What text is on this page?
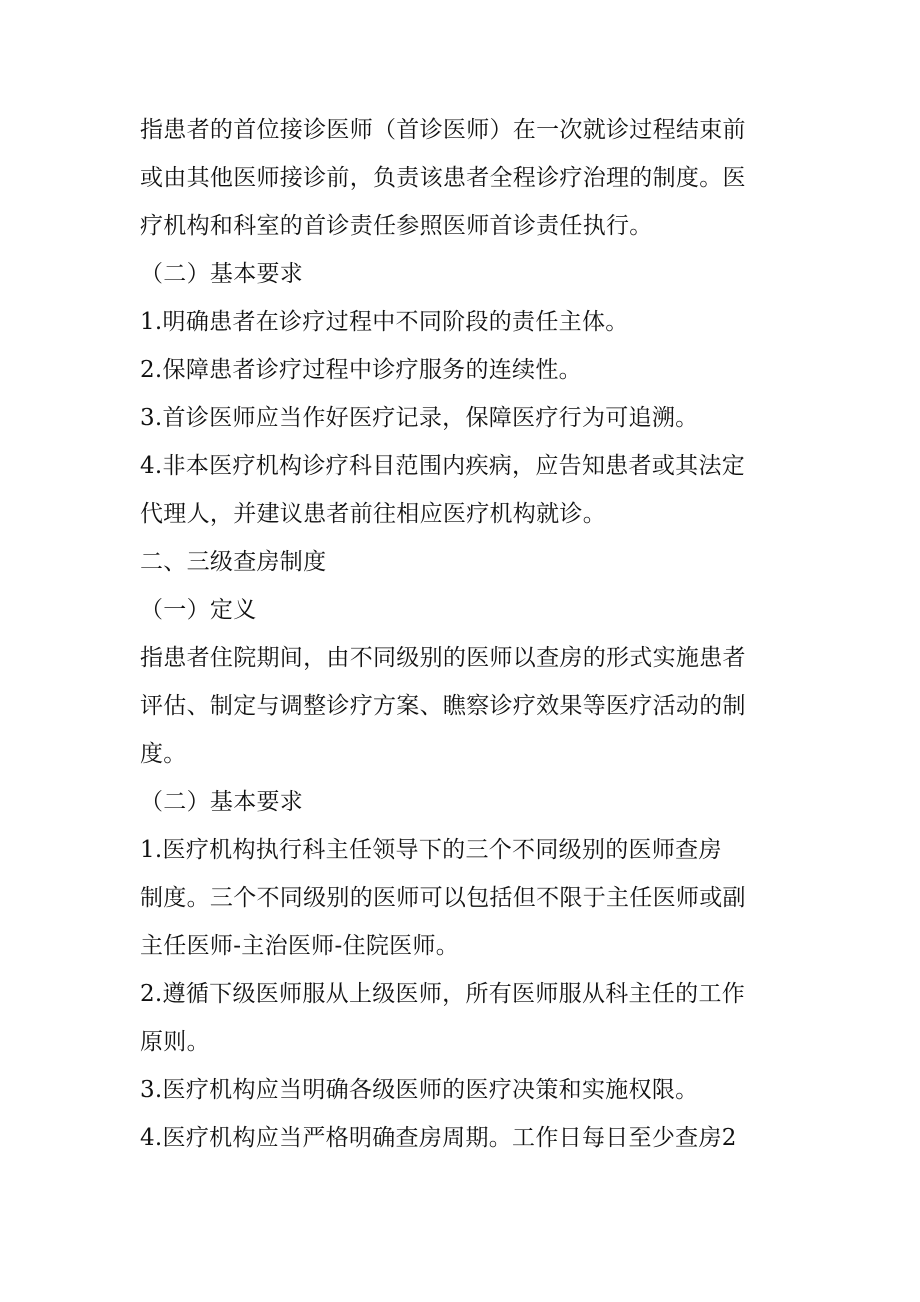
指患者的首位接诊医师（首诊医师）在一次就诊过程结束前
或由其他医师接诊前，负责该患者全程诊疗治理的制度。医
疗机构和科室的首诊责任参照医师首诊责任执行。
（二）基本要求
1.明确患者在诊疗过程中不同阶段的责任主体。
2.保障患者诊疗过程中诊疗服务的连续性。
3.首诊医师应当作好医疗记录，保障医疗行为可追溯。
4.非本医疗机构诊疗科目范围内疾病，应告知患者或其法定
代理人，并建议患者前往相应医疗机构就诊。
二、三级查房制度
（一）定义
指患者住院期间，由不同级别的医师以查房的形式实施患者
评估、制定与调整诊疗方案、瞧察诊疗效果等医疗活动的制
度。
（二）基本要求
1.医疗机构执行科主任领导下的三个不同级别的医师查房
制度。三个不同级别的医师可以包括但不限于主任医师或副
主任医师-主治医师-住院医师。
2.遵循下级医师服从上级医师，所有医师服从科主任的工作
原则。
3.医疗机构应当明确各级医师的医疗决策和实施权限。
4.医疗机构应当严格明确查房周期。工作日每日至少查房2
